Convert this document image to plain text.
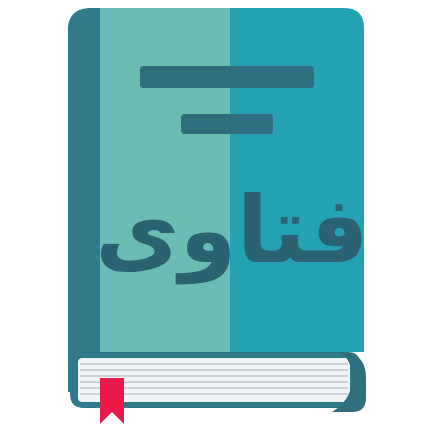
فتاوى
